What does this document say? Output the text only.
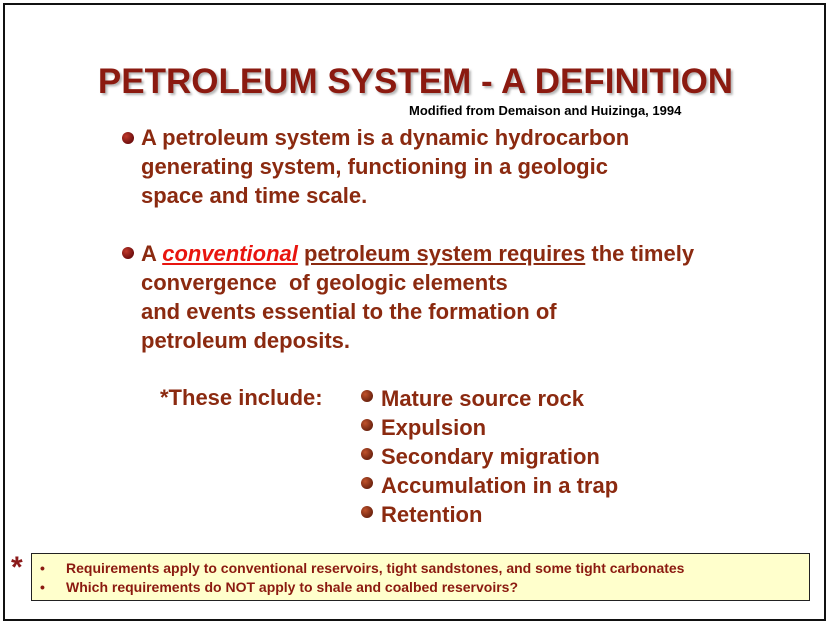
PETROLEUM SYSTEM - A DEFINITION
Modified from Demaison and Huizinga, 1994
A petroleum system is a dynamic hydrocarbon
generating system, functioning in a geologic
space and time scale.
A conventional petroleum system requires the timely
convergence  of geologic elements
and events essential to the formation of
petroleum deposits.
*These include:	Mature source rock
Expulsion
Secondary migration
Accumulation in a trap
Retention
* • Requirements apply to conventional reservoirs, tight sandstones, and some tight carbonates
• Which requirements do NOT apply to shale and coalbed reservoirs?
